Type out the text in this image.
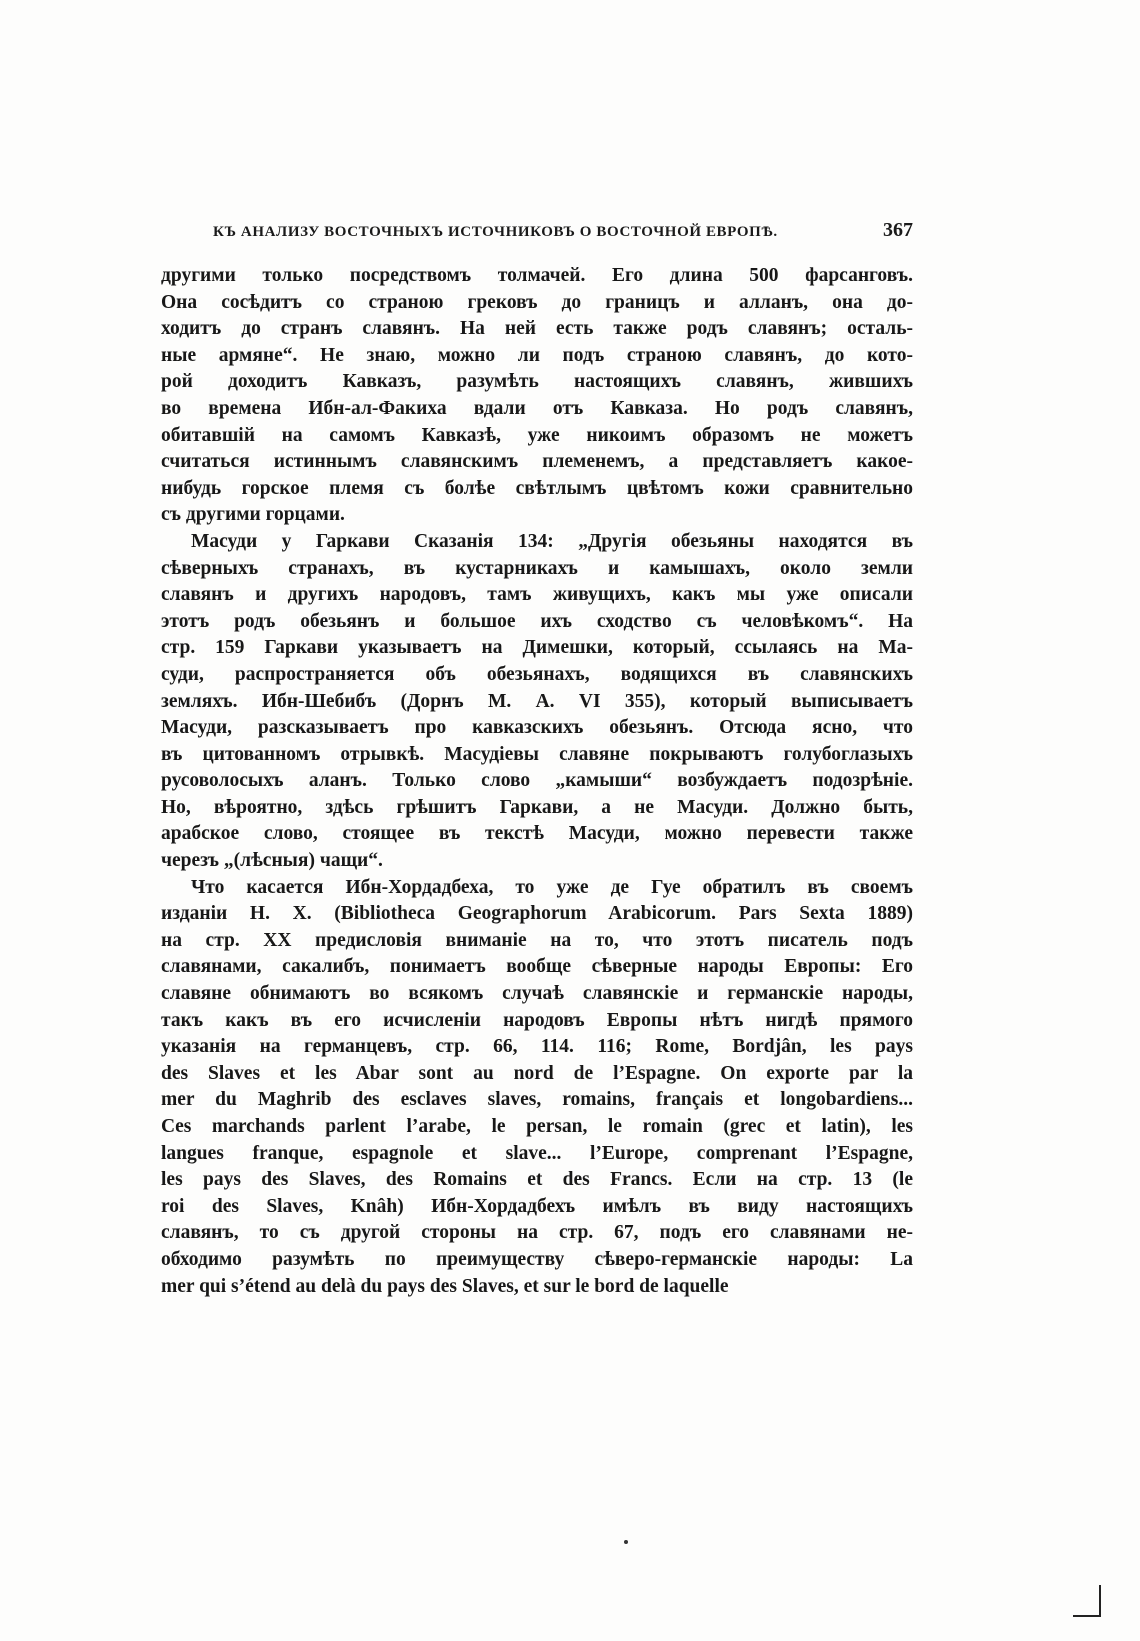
КЪ АНАЛИЗУ ВОСТОЧНЫХЪ ИСТОЧНИКОВЪ О ВОСТОЧНОЙ ЕВРОПѢ.	367
другими только посредствомъ толмачей. Его длина 500 фарсанговъ.
Она сосѣдитъ со страною грековъ до границъ и алланъ, она до-
ходитъ до странъ славянъ. На ней есть также родъ славянъ; осталь-
ные армяне“. Не знаю, можно ли подъ страною славянъ, до кото-
рой доходитъ Кавказъ, разумѣть настоящихъ славянъ, жившихъ
во времена Ибн-ал-Факиха вдали отъ Кавказа. Но родъ славянъ,
обитавшій на самомъ Кавказѣ, уже никоимъ образомъ не можетъ
считаться истиннымъ славянскимъ племенемъ, а представляетъ какое-
нибудь горское племя съ болѣе свѣтлымъ цвѣтомъ кожи сравнительно
съ другими горцами.
Масуди у Гаркави Сказанія 134: „Другія обезьяны находятся въ
сѣверныхъ странахъ, въ кустарникахъ и камышахъ, около земли
славянъ и другихъ народовъ, тамъ живущихъ, какъ мы уже описали
этотъ родъ обезьянъ и большое ихъ сходство съ человѣкомъ“. На
стр. 159 Гаркави указываетъ на Димешки, который, ссылаясь на Ма-
суди, распространяется объ обезьянахъ, водящихся въ славянскихъ
земляхъ. Ибн-Шебибъ (Дорнъ М. А. VI 355), который выписываетъ
Масуди, разсказываетъ про кавказскихъ обезьянъ. Отсюда ясно, что
въ цитованномъ отрывкѣ. Масудіевы славяне покрываютъ голубоглазыхъ
русоволосыхъ аланъ. Только слово „камыши“ возбуждаетъ подозрѣніе.
Но, вѣроятно, здѣсь грѣшитъ Гаркави, а не Масуди. Должно быть,
арабское слово, стоящее въ текстѣ Масуди, можно перевести также
черезъ „(лѣсныя) чащи“.
Что касается Ибн-Хордадбеха, то уже де Гуе обратилъ въ своемъ
изданіи Н. X. (Bibliotheca Geographorum Arabicorum. Pars Sexta 1889)
на стр. XX предисловія вниманіе на то, что этотъ писатель подъ
славянами, сакалибъ, понимаетъ вообще сѣверные народы Европы: Его
славяне обнимаютъ во всякомъ случаѣ славянскіе и германскіе народы,
такъ какъ въ его исчисленіи народовъ Европы нѣтъ нигдѣ прямого
указанія на германцевъ, стр. 66, 114. 116; Rome, Bordjân, les pays
des Slaves et les Abar sont au nord de l’Espagne. On exporte par la
mer du Maghrib des esclaves slaves, romains, français et longobardiens...
Ces marchands parlent l’arabe, le persan, le romain (grec et latin), les
langues franque, espagnole et slave... l’Europe, comprenant l’Espagne,
les pays des Slaves, des Romains et des Francs. Если на стр. 13 (le
roi des Slaves, Knâh) Ибн-Хордадбехъ имѣлъ въ виду настоящихъ
славянъ, то съ другой стороны на стр. 67, подъ его славянами не-
обходимо разумѣть по преимуществу сѣверо-германскіе народы: La
mer qui s’étend au delà du pays des Slaves, et sur le bord de laquelle
